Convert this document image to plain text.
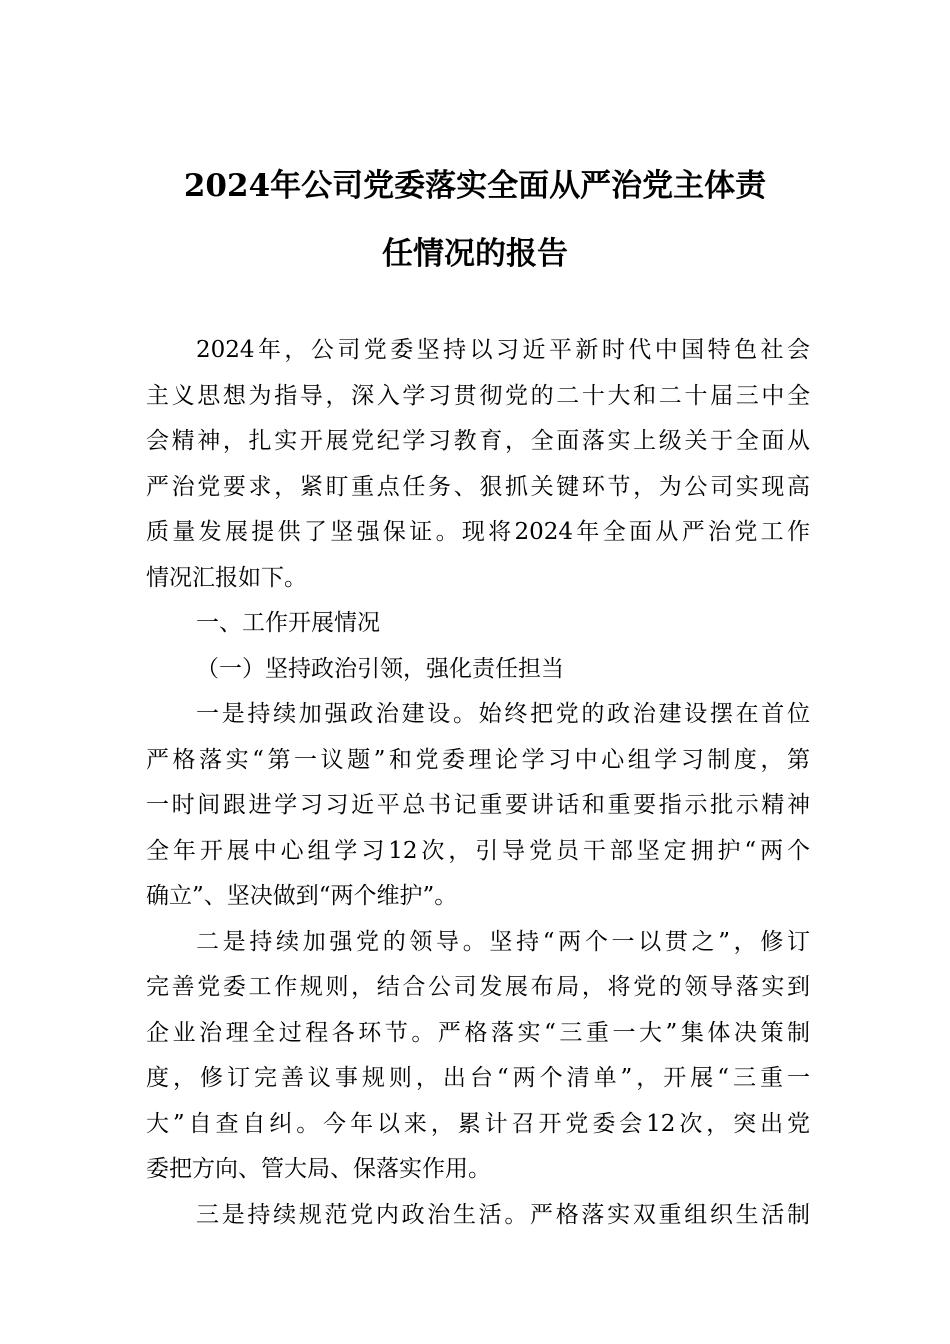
2024年公司党委落实全面从严治党主体责
任情况的报告
2024年，公司党委坚持以习近平新时代中国特色社会
主义思想为指导，深入学习贯彻党的二十大和二十届三中全
会精神，扎实开展党纪学习教育，全面落实上级关于全面从
严治党要求，紧盯重点任务、狠抓关键环节，为公司实现高
质量发展提供了坚强保证。现将2024年全面从严治党工作
情况汇报如下。
一、工作开展情况
（一）坚持政治引领，强化责任担当
一是持续加强政治建设。始终把党的政治建设摆在首位
严格落实“第一议题”和党委理论学习中心组学习制度，第
一时间跟进学习习近平总书记重要讲话和重要指示批示精神
全年开展中心组学习12次，引导党员干部坚定拥护“两个
确立”、坚决做到“两个维护”。
二是持续加强党的领导。坚持“两个一以贯之”，修订
完善党委工作规则，结合公司发展布局，将党的领导落实到
企业治理全过程各环节。严格落实“三重一大”集体决策制
度，修订完善议事规则，出台“两个清单”，开展“三重一
大”自查自纠。今年以来，累计召开党委会12次，突出党
委把方向、管大局、保落实作用。
三是持续规范党内政治生活。严格落实双重组织生活制
